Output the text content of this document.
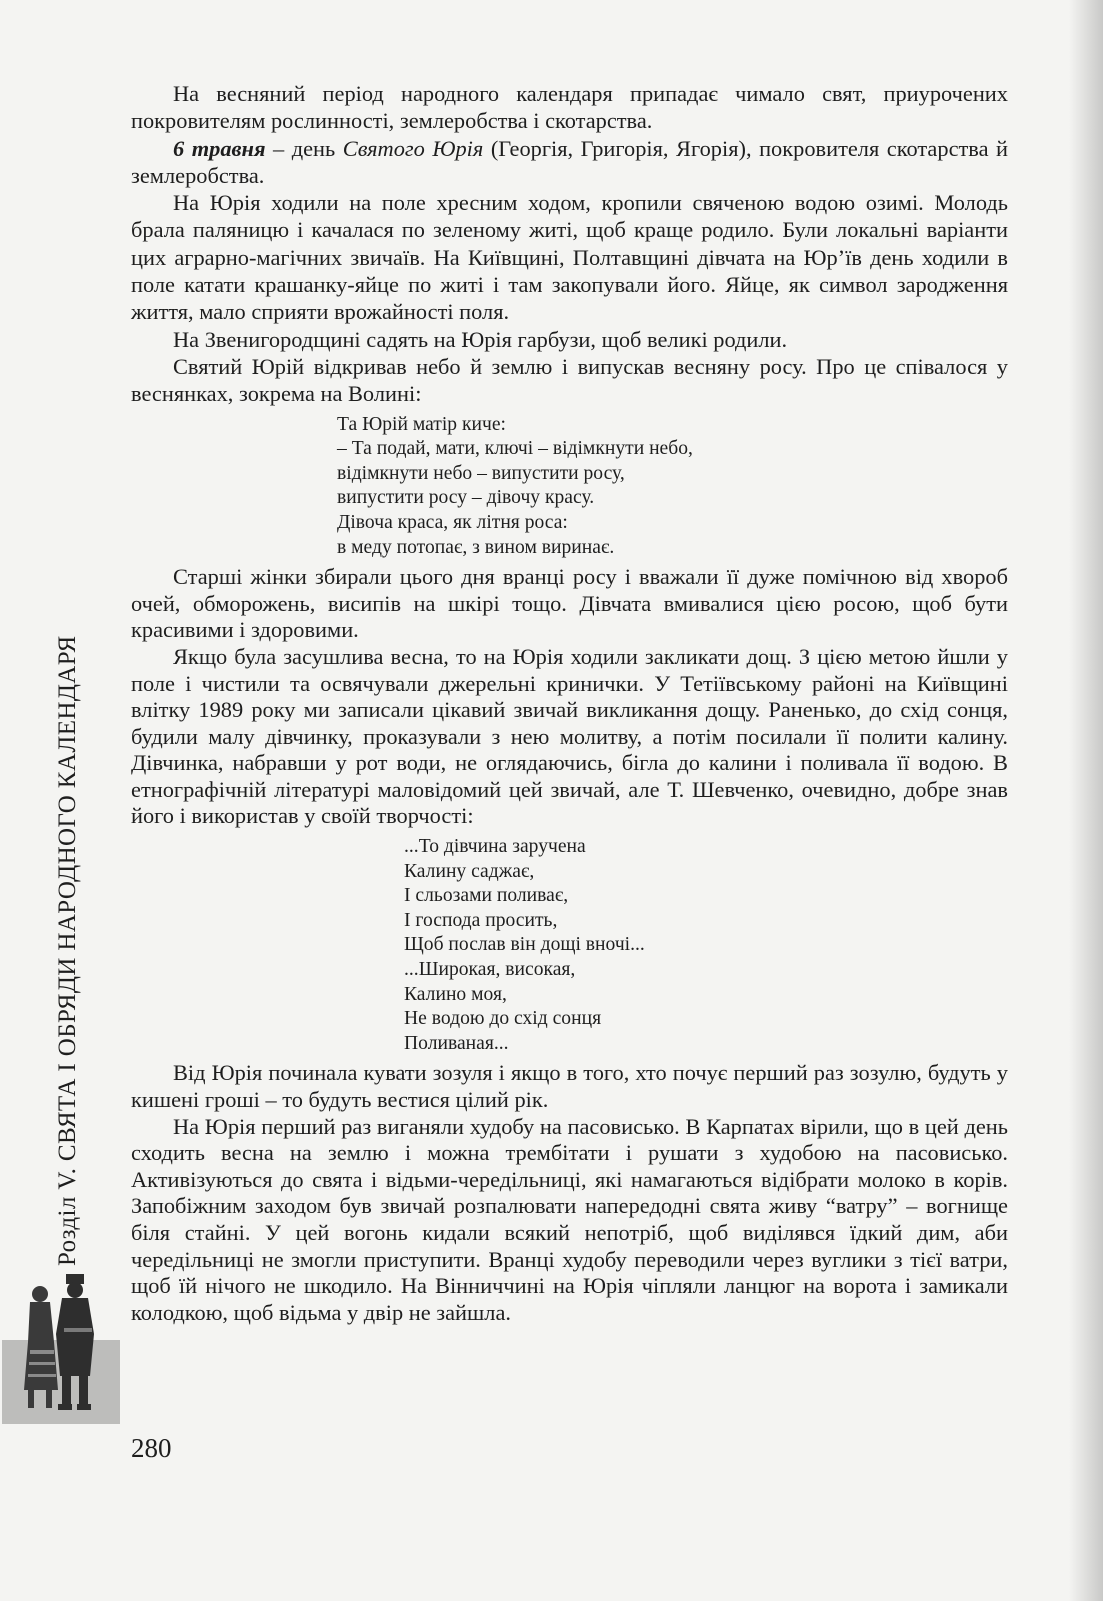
Розділ V. СВЯТА І ОБРЯДИ НАРОДНОГО КАЛЕНДАРЯ

На весняний період народного календаря припадає чимало свят, приурочених покровителям рослинності, землеробства і скотарства.

6 травня – день Святого Юрія (Георгія, Григорія, Ягорія), покровителя скотарства й землеробства.

На Юрія ходили на поле хресним ходом, кропили свяченою водою озимі. Молодь брала паляницю і качалася по зеленому житі, щоб краще родило. Були локальні варіанти цих аграрно-магічних звичаїв. На Київщині, Полтавщині дівчата на Юр’їв день ходили в поле катати крашанку-яйце по житі і там закопували його. Яйце, як символ зародження життя, мало сприяти врожайності поля.

На Звенигородщині садять на Юрія гарбузи, щоб великі родили.

Святий Юрій відкривав небо й землю і випускав весняну росу. Про це співалося у веснянках, зокрема на Волині:

Та Юрій матір киче:
– Та подай, мати, ключі – відімкнути небо,
відімкнути небо – випустити росу,
випустити росу – дівочу красу.
Дівоча краса, як літня роса:
в меду потопає, з вином виринає.

Старші жінки збирали цього дня вранці росу і вважали її дуже помічною від хвороб очей, обморожень, висипів на шкірі тощо. Дівчата вмивалися цією росою, щоб бути красивими і здоровими.

Якщо була засушлива весна, то на Юрія ходили закликати дощ. З цією метою йшли у поле і чистили та освячували джерельні кринички. У Тетіївському районі на Київщині влітку 1989 року ми записали цікавий звичай викликання дощу. Раненько, до схід сонця, будили малу дівчинку, проказували з нею молитву, а потім посилали її полити калину. Дівчинка, набравши у рот води, не оглядаючись, бігла до калини і поливала її водою. В етнографічній літературі маловідомий цей звичай, але Т. Шевченко, очевидно, добре знав його і використав у своїй творчості:

...То дівчина заручена
Калину саджає,
І сльозами поливає,
І господа просить,
Щоб послав він дощі вночі...
...Широкая, високая,
Калино моя,
Не водою до схід сонця
Поливаная...

Від Юрія починала кувати зозуля і якщо в того, хто почує перший раз зозулю, будуть у кишені гроші – то будуть вестися цілий рік.

На Юрія перший раз виганяли худобу на пасовисько. В Карпатах вірили, що в цей день сходить весна на землю і можна трембітати і рушати з худобою на пасовисько. Активізуються до свята і відьми-чередільниці, які намагаються відібрати молоко в корів. Запобіжним заходом був звичай розпалювати напередодні свята живу “ватру” – вогнище біля стайні. У цей вогонь кидали всякий непотріб, щоб виділявся їдкий дим, аби чередільниці не змогли приступити. Вранці худобу переводили через вуглики з тієї ватри, щоб їй нічого не шкодило. На Вінниччині на Юрія чіпляли ланцюг на ворота і замикали колодкою, щоб відьма у двір не зайшла.

280
